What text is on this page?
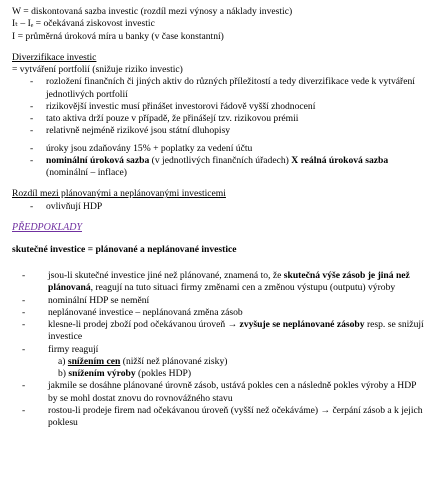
W = diskontovaná sazba investic (rozdíl mezi výnosy a náklady investic)
Iₜ – Iₑ = očekávaná ziskovost investic
I = průměrná úroková míra u banky (v čase konstantní)
Diverzifikace investic
= vytváření portfolií (snižuje riziko investic)
- rozložení finančních či jiných aktiv do různých příležitostí a tedy diverzifikace vede k vytváření jednotlivých portfolií
- rizikovější investic musí přinášet investorovi řádově vyšší zhodnocení
- tato aktiva drží pouze v případě, že přinášejí tzv. rizikovou prémii
- relativně nejméně rizikové jsou státní dluhopisy
- úroky jsou zdaňovány 15% + poplatky za vedení účtu
- nominální úroková sazba (v jednotlivých finančních úřadech) X reálná úroková sazba (nominální – inflace)
Rozdíl mezi plánovanými a neplánovanými investicemi
- ovlivňují HDP
PŘEDPOKLADY
skutečné investice = plánované a neplánované investice
- jsou-li skutečné investice jiné než plánované, znamená to, že skutečná výše zásob je jiná než plánovaná, reagují na tuto situaci firmy změnami cen a změnou výstupu (outputu) výroby
- nominální HDP se nemění
- neplánované investice – neplánovaná změna zásob
- klesne-li prodej zboží pod očekávanou úroveň → zvyšuje se neplánované zásoby resp. se snižují investice
- firmy reagují
a) snížením cen (nižší než plánované zisky)
b) snížením výroby (pokles HDP)
- jakmile se dosáhne plánované úrovně zásob, ustává pokles cen a následně pokles výroby a HDP by se mohl dostat znovu do rovnovážného stavu
- rostou-li prodeje firem nad očekávanou úroveň (vyšší než očekáváme) → čerpání zásob a k jejich poklesu
